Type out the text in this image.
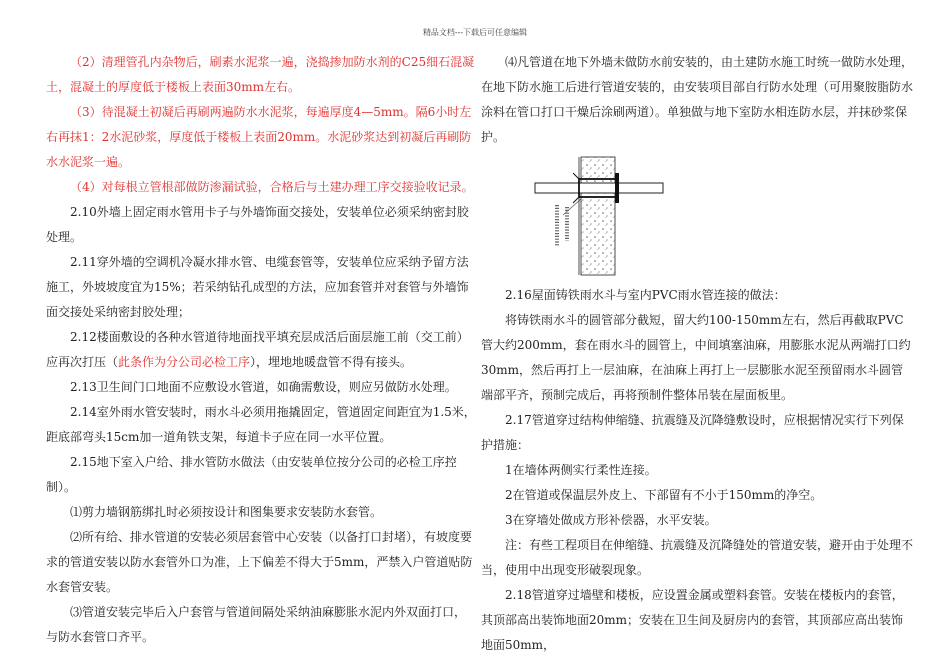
精品文档---下载后可任意编辑

（2）清理管孔内杂物后，刷素水泥浆一遍，浇捣掺加防水剂的C25细石混凝土，混凝土的厚度低于楼板上表面30mm左右。

（3）待混凝土初凝后再刷两遍防水水泥浆，每遍厚度4—5mm。隔6小时左右再抹1：2水泥砂浆，厚度低于楼板上表面20mm。水泥砂浆达到初凝后再刷防水水泥浆一遍。

（4）对每根立管根部做防渗漏试验，合格后与土建办理工序交接验收记录。

2.10外墙上固定雨水管用卡子与外墙饰面交接处，安装单位必须采纳密封胶处理。

2.11穿外墙的空调机冷凝水排水管、电缆套管等，安装单位应采纳予留方法施工，外坡坡度宜为15%；若采纳钻孔成型的方法，应加套管并对套管与外墙饰面交接处采纳密封胶处理；

2.12楼面敷设的各种水管道待地面找平填充层成活后面层施工前（交工前）应再次打压（此条作为分公司必检工序），埋地地暖盘管不得有接头。

2.13卫生间门口地面不应敷设水管道，如确需敷设，则应另做防水处理。

2.14室外雨水管安装时，雨水斗必须用拖撬固定，管道固定间距宜为1.5米，距底部弯头15cm加一道角铁支架，每道卡子应在同一水平位置。

2.15地下室入户给、排水管防水做法（由安装单位按分公司的必检工序控制）。

⑴剪力墙钢筋绑扎时必须按设计和图集要求安装防水套管。

⑵所有给、排水管道的安装必须居套管中心安装（以备打口封堵），有坡度要求的管道安装以防水套管外口为准，上下偏差不得大于5mm，严禁入户管道贴防水套管安装。

⑶管道安装完毕后入户套管与管道间隔处采纳油麻膨胀水泥内外双面打口，与防水套管口齐平。

⑷凡管道在地下外墙未做防水前安装的，由土建防水施工时统一做防水处理，在地下防水施工后进行管道安装的，由安装项目部自行防水处理（可用聚胺脂防水涂料在管口打口干燥后涂刷两道）。单独做与地下室防水相连防水层，并抹砂浆保护。

2.16屋面铸铁雨水斗与室内PVC雨水管连接的做法：

将铸铁雨水斗的圆管部分截短，留大约100-150mm左右，然后再截取PVC管大约200mm，套在雨水斗的圆管上，中间填塞油麻，用膨胀水泥从两端打口约30mm，然后再打上一层油麻，在油麻上再打上一层膨胀水泥至预留雨水斗圆管端部平齐，预制完成后，再将预制件整体吊装在屋面板里。

2.17管道穿过结构伸缩缝、抗震缝及沉降缝敷设时，应根据情况实行下列保护措施：

1在墙体两侧实行柔性连接。

2在管道或保温层外皮上、下部留有不小于150mm的净空。

3在穿墙处做成方形补偿器，水平安装。

注：有些工程项目在伸缩缝、抗震缝及沉降缝处的管道安装，避开由于处理不当，使用中出现变形破裂现象。

2.18管道穿过墙壁和楼板，应设置金属或塑料套管。安装在楼板内的套管，其顶部高出装饰地面20mm；安装在卫生间及厨房内的套管，其顶部应高出装饰地面50mm，
